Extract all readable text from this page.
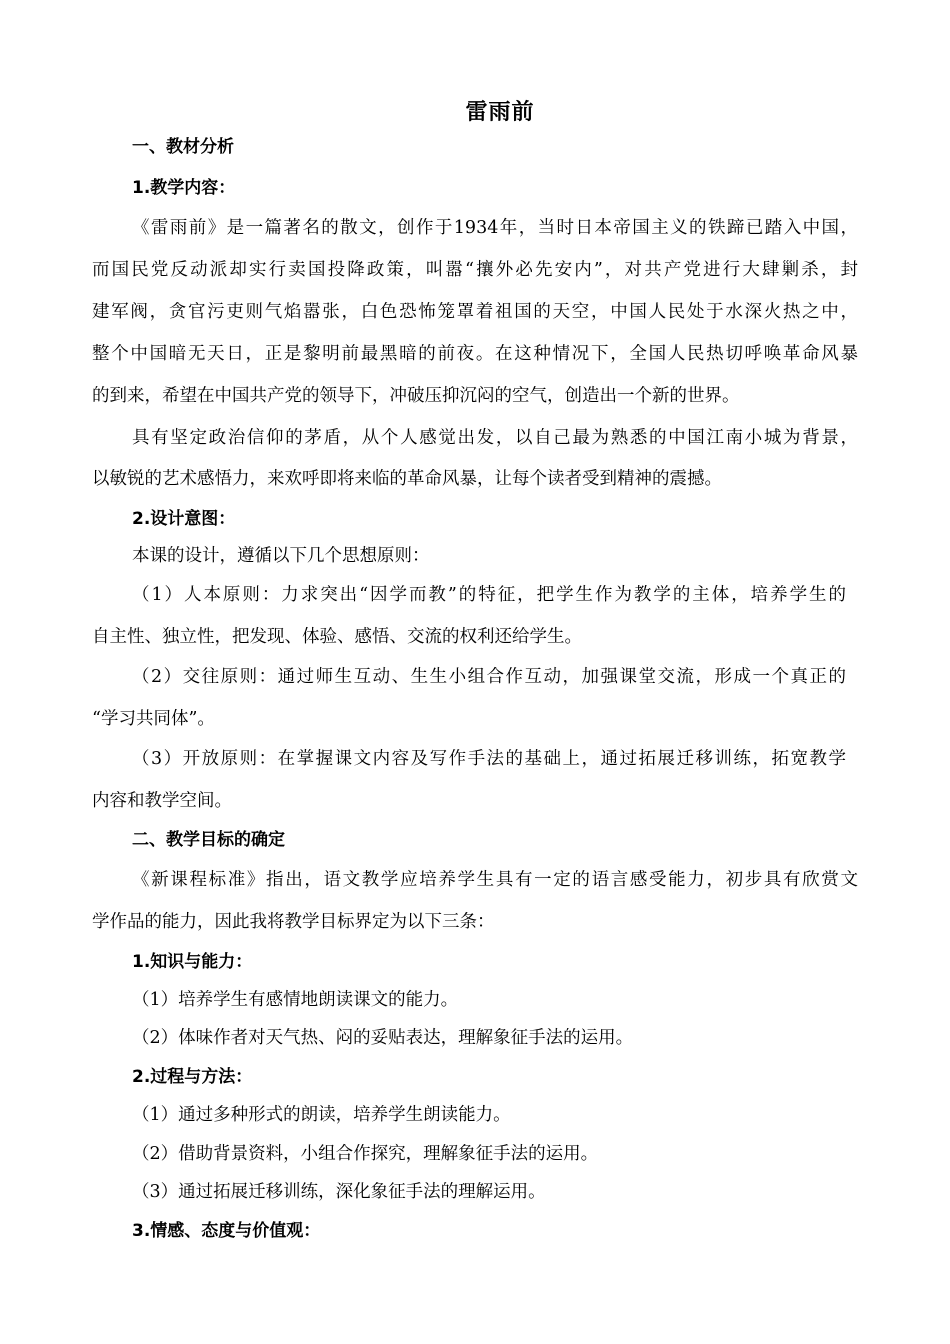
雷雨前
一、教材分析
1.教学内容：
《雷雨前》是一篇著名的散文，创作于1934年，当时日本帝国主义的铁蹄已踏入中国，
而国民党反动派却实行卖国投降政策，叫嚣“攘外必先安内”，对共产党进行大肆剿杀，封
建军阀，贪官污吏则气焰嚣张，白色恐怖笼罩着祖国的天空，中国人民处于水深火热之中，
整个中国暗无天日，正是黎明前最黑暗的前夜。在这种情况下，全国人民热切呼唤革命风暴
的到来，希望在中国共产党的领导下，冲破压抑沉闷的空气，创造出一个新的世界。
具有坚定政治信仰的茅盾，从个人感觉出发，以自己最为熟悉的中国江南小城为背景，
以敏锐的艺术感悟力，来欢呼即将来临的革命风暴，让每个读者受到精神的震撼。
2.设计意图：
本课的设计，遵循以下几个思想原则：
（1）人本原则：力求突出“因学而教”的特征，把学生作为教学的主体，培养学生的
自主性、独立性，把发现、体验、感悟、交流的权利还给学生。
（2）交往原则：通过师生互动、生生小组合作互动，加强课堂交流，形成一个真正的
“学习共同体”。
（3）开放原则：在掌握课文内容及写作手法的基础上，通过拓展迁移训练，拓宽教学
内容和教学空间。
二、教学目标的确定
《新课程标准》指出，语文教学应培养学生具有一定的语言感受能力，初步具有欣赏文
学作品的能力，因此我将教学目标界定为以下三条：
1.知识与能力：
（1）培养学生有感情地朗读课文的能力。
（2）体味作者对天气热、闷的妥贴表达，理解象征手法的运用。
2.过程与方法：
（1）通过多种形式的朗读，培养学生朗读能力。
（2）借助背景资料，小组合作探究，理解象征手法的运用。
（3）通过拓展迁移训练，深化象征手法的理解运用。
3.情感、态度与价值观：
